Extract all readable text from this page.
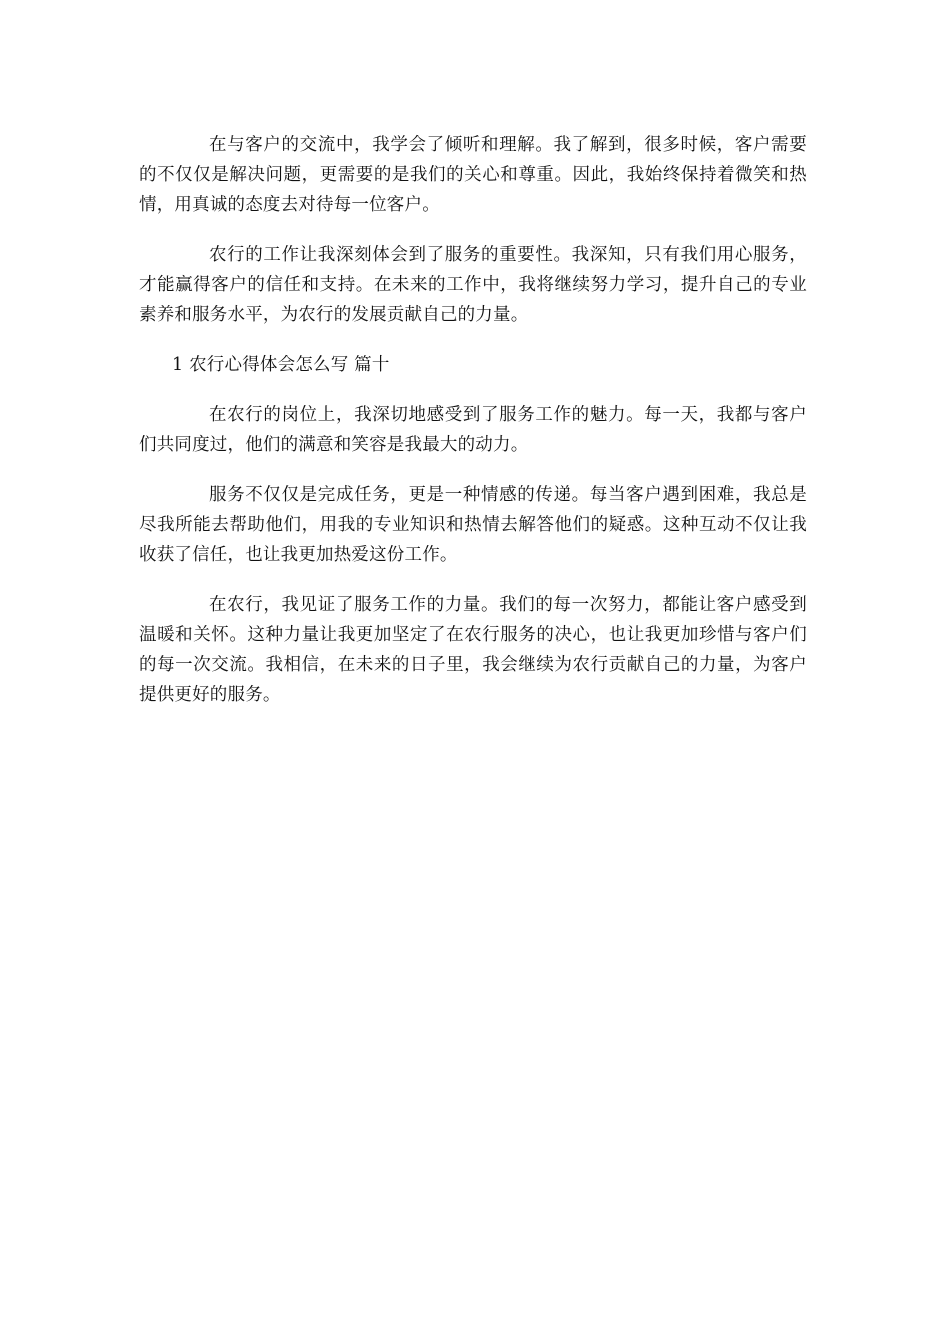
在与客户的交流中，我学会了倾听和理解。我了解到，很多时候，客户需要的不仅仅是解决问题，更需要的是我们的关心和尊重。因此，我始终保持着微笑和热情，用真诚的态度去对待每一位客户。

农行的工作让我深刻体会到了服务的重要性。我深知，只有我们用心服务，才能赢得客户的信任和支持。在未来的工作中，我将继续努力学习，提升自己的专业素养和服务水平，为农行的发展贡献自己的力量。

1 农行心得体会怎么写 篇十

在农行的岗位上，我深切地感受到了服务工作的魅力。每一天，我都与客户们共同度过，他们的满意和笑容是我最大的动力。

服务不仅仅是完成任务，更是一种情感的传递。每当客户遇到困难，我总是尽我所能去帮助他们，用我的专业知识和热情去解答他们的疑惑。这种互动不仅让我收获了信任，也让我更加热爱这份工作。

在农行，我见证了服务工作的力量。我们的每一次努力，都能让客户感受到温暖和关怀。这种力量让我更加坚定了在农行服务的决心，也让我更加珍惜与客户们的每一次交流。我相信，在未来的日子里，我会继续为农行贡献自己的力量，为客户提供更好的服务。
